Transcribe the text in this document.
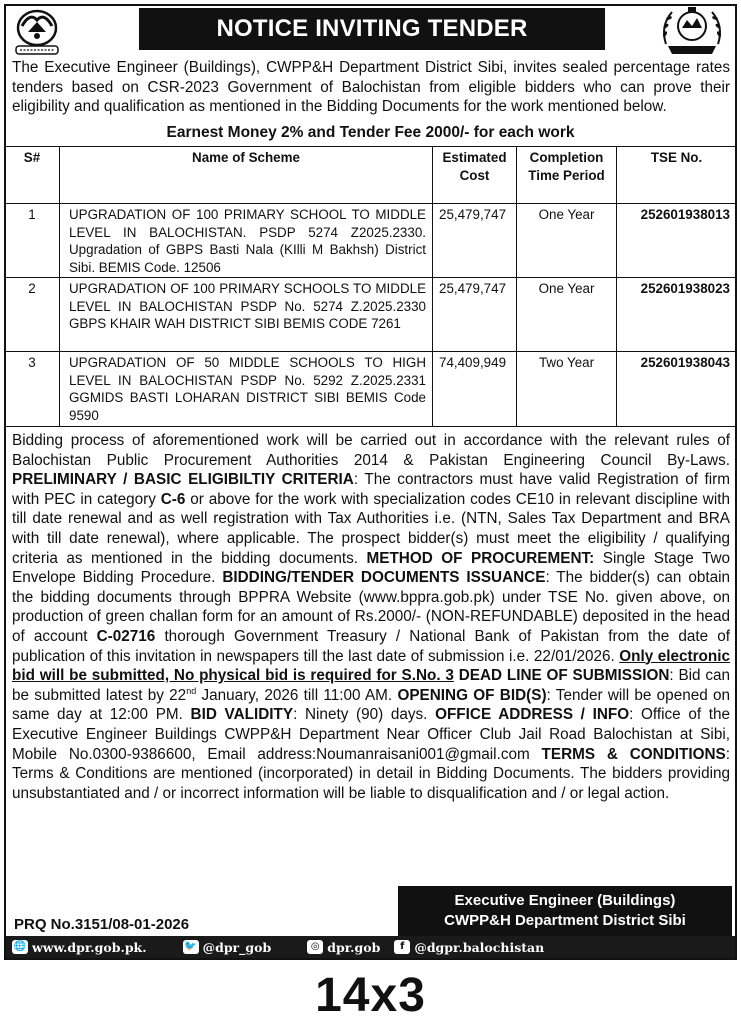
NOTICE INVITING TENDER

The Executive Engineer (Buildings), CWPP&H Department District Sibi, invites sealed percentage rates tenders based on CSR-2023 Government of Balochistan from eligible bidders who can prove their eligibility and qualification as mentioned in the Bidding Documents for the work mentioned below.

Earnest Money 2% and Tender Fee 2000/- for each work

S#	Name of Scheme	Estimated Cost	Completion Time Period	TSE No.
1	UPGRADATION OF 100 PRIMARY SCHOOL TO MIDDLE LEVEL IN BALOCHISTAN. PSDP 5274 Z2025.2330. Upgradation of GBPS Basti Nala (KIlli M Bakhsh) District Sibi. BEMIS Code. 12506	25,479,747	One Year	252601938013
2	UPGRADATION OF 100 PRIMARY SCHOOLS TO MIDDLE LEVEL IN BALOCHISTAN PSDP No. 5274 Z.2025.2330 GBPS KHAIR WAH DISTRICT SIBI BEMIS CODE 7261	25,479,747	One Year	252601938023
3	UPGRADATION OF 50 MIDDLE SCHOOLS TO HIGH LEVEL IN BALOCHISTAN PSDP No. 5292 Z.2025.2331 GGMIDS BASTI LOHARAN DISTRICT SIBI BEMIS Code 9590	74,409,949	Two Year	252601938043

Bidding process of aforementioned work will be carried out in accordance with the relevant rules of Balochistan Public Procurement Authorities 2014 & Pakistan Engineering Council By-Laws. PRELIMINARY / BASIC ELIGIBILTIY CRITERIA: The contractors must have valid Registration of firm with PEC in category C-6 or above for the work with specialization codes CE10 in relevant discipline with till date renewal and as well registration with Tax Authorities i.e. (NTN, Sales Tax Department and BRA with till date renewal), where applicable. The prospect bidder(s) must meet the eligibility / qualifying criteria as mentioned in the bidding documents. METHOD OF PROCUREMENT: Single Stage Two Envelope Bidding Procedure. BIDDING/TENDER DOCUMENTS ISSUANCE: The bidder(s) can obtain the bidding documents through BPPRA Website (www.bppra.gob.pk) under TSE No. given above, on production of green challan form for an amount of Rs.2000/- (NON-REFUNDABLE) deposited in the head of account C-02716 thorough Government Treasury / National Bank of Pakistan from the date of publication of this invitation in newspapers till the last date of submission i.e. 22/01/2026. Only electronic bid will be submitted, No physical bid is required for S.No. 3 DEAD LINE OF SUBMISSION: Bid can be submitted latest by 22nd January, 2026 till 11:00 AM. OPENING OF BID(S): Tender will be opened on same day at 12:00 PM. BID VALIDITY: Ninety (90) days. OFFICE ADDRESS / INFO: Office of the Executive Engineer Buildings CWPP&H Department Near Officer Club Jail Road Balochistan at Sibi, Mobile No.0300-9386600, Email address:Noumanraisani001@gmail.com TERMS & CONDITIONS: Terms & Conditions are mentioned (incorporated) in detail in Bidding Documents. The bidders providing unsubstantiated and / or incorrect information will be liable to disqualification and / or legal action.

PRQ No.3151/08-01-2026
Executive Engineer (Buildings)
CWPP&H Department District Sibi
🌐 www.dpr.gob.pk.	🐦 @dpr_gob	◎ dpr.gob	f @dgpr.balochistan
14x3
